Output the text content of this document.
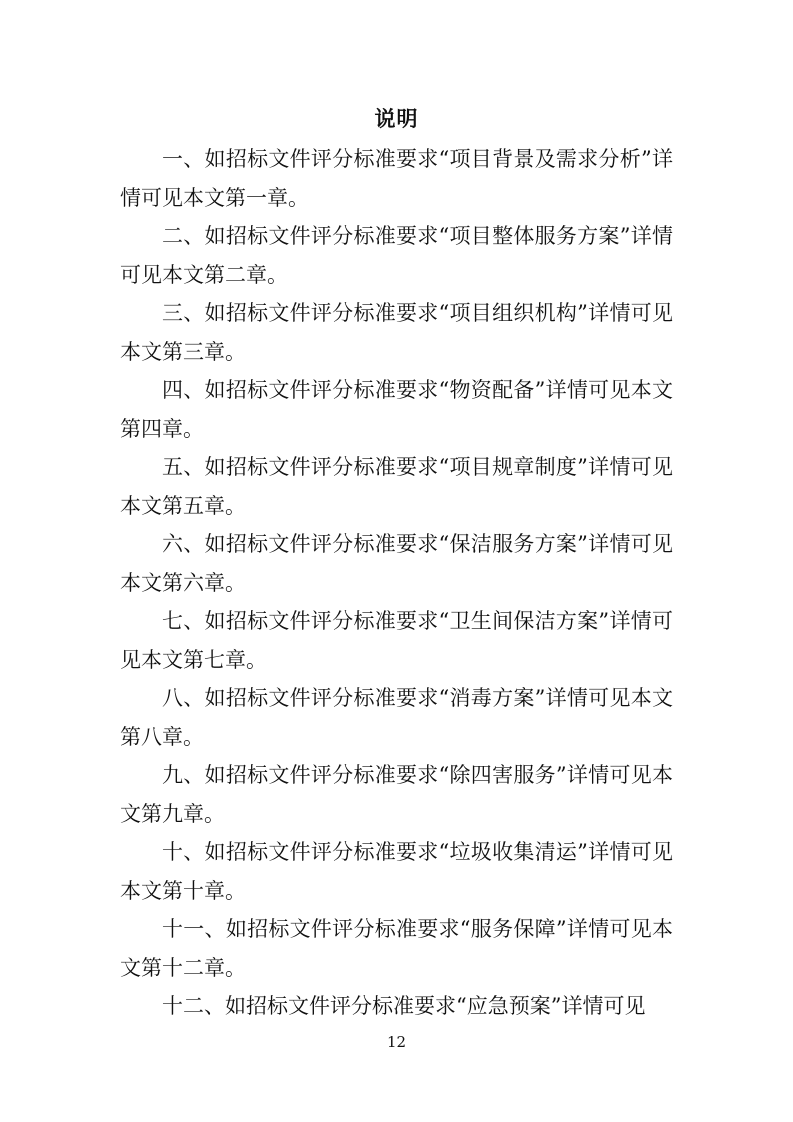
说明

一、如招标文件评分标准要求“项目背景及需求分析”详情可见本文第一章。

二、如招标文件评分标准要求“项目整体服务方案”详情可见本文第二章。

三、如招标文件评分标准要求“项目组织机构”详情可见本文第三章。

四、如招标文件评分标准要求“物资配备”详情可见本文第四章。

五、如招标文件评分标准要求“项目规章制度”详情可见本文第五章。

六、如招标文件评分标准要求“保洁服务方案”详情可见本文第六章。

七、如招标文件评分标准要求“卫生间保洁方案”详情可见本文第七章。

八、如招标文件评分标准要求“消毒方案”详情可见本文第八章。

九、如招标文件评分标准要求“除四害服务”详情可见本文第九章。

十、如招标文件评分标准要求“垃圾收集清运”详情可见本文第十章。

十一、如招标文件评分标准要求“服务保障”详情可见本文第十二章。

十二、如招标文件评分标准要求“应急预案”详情可见

12
